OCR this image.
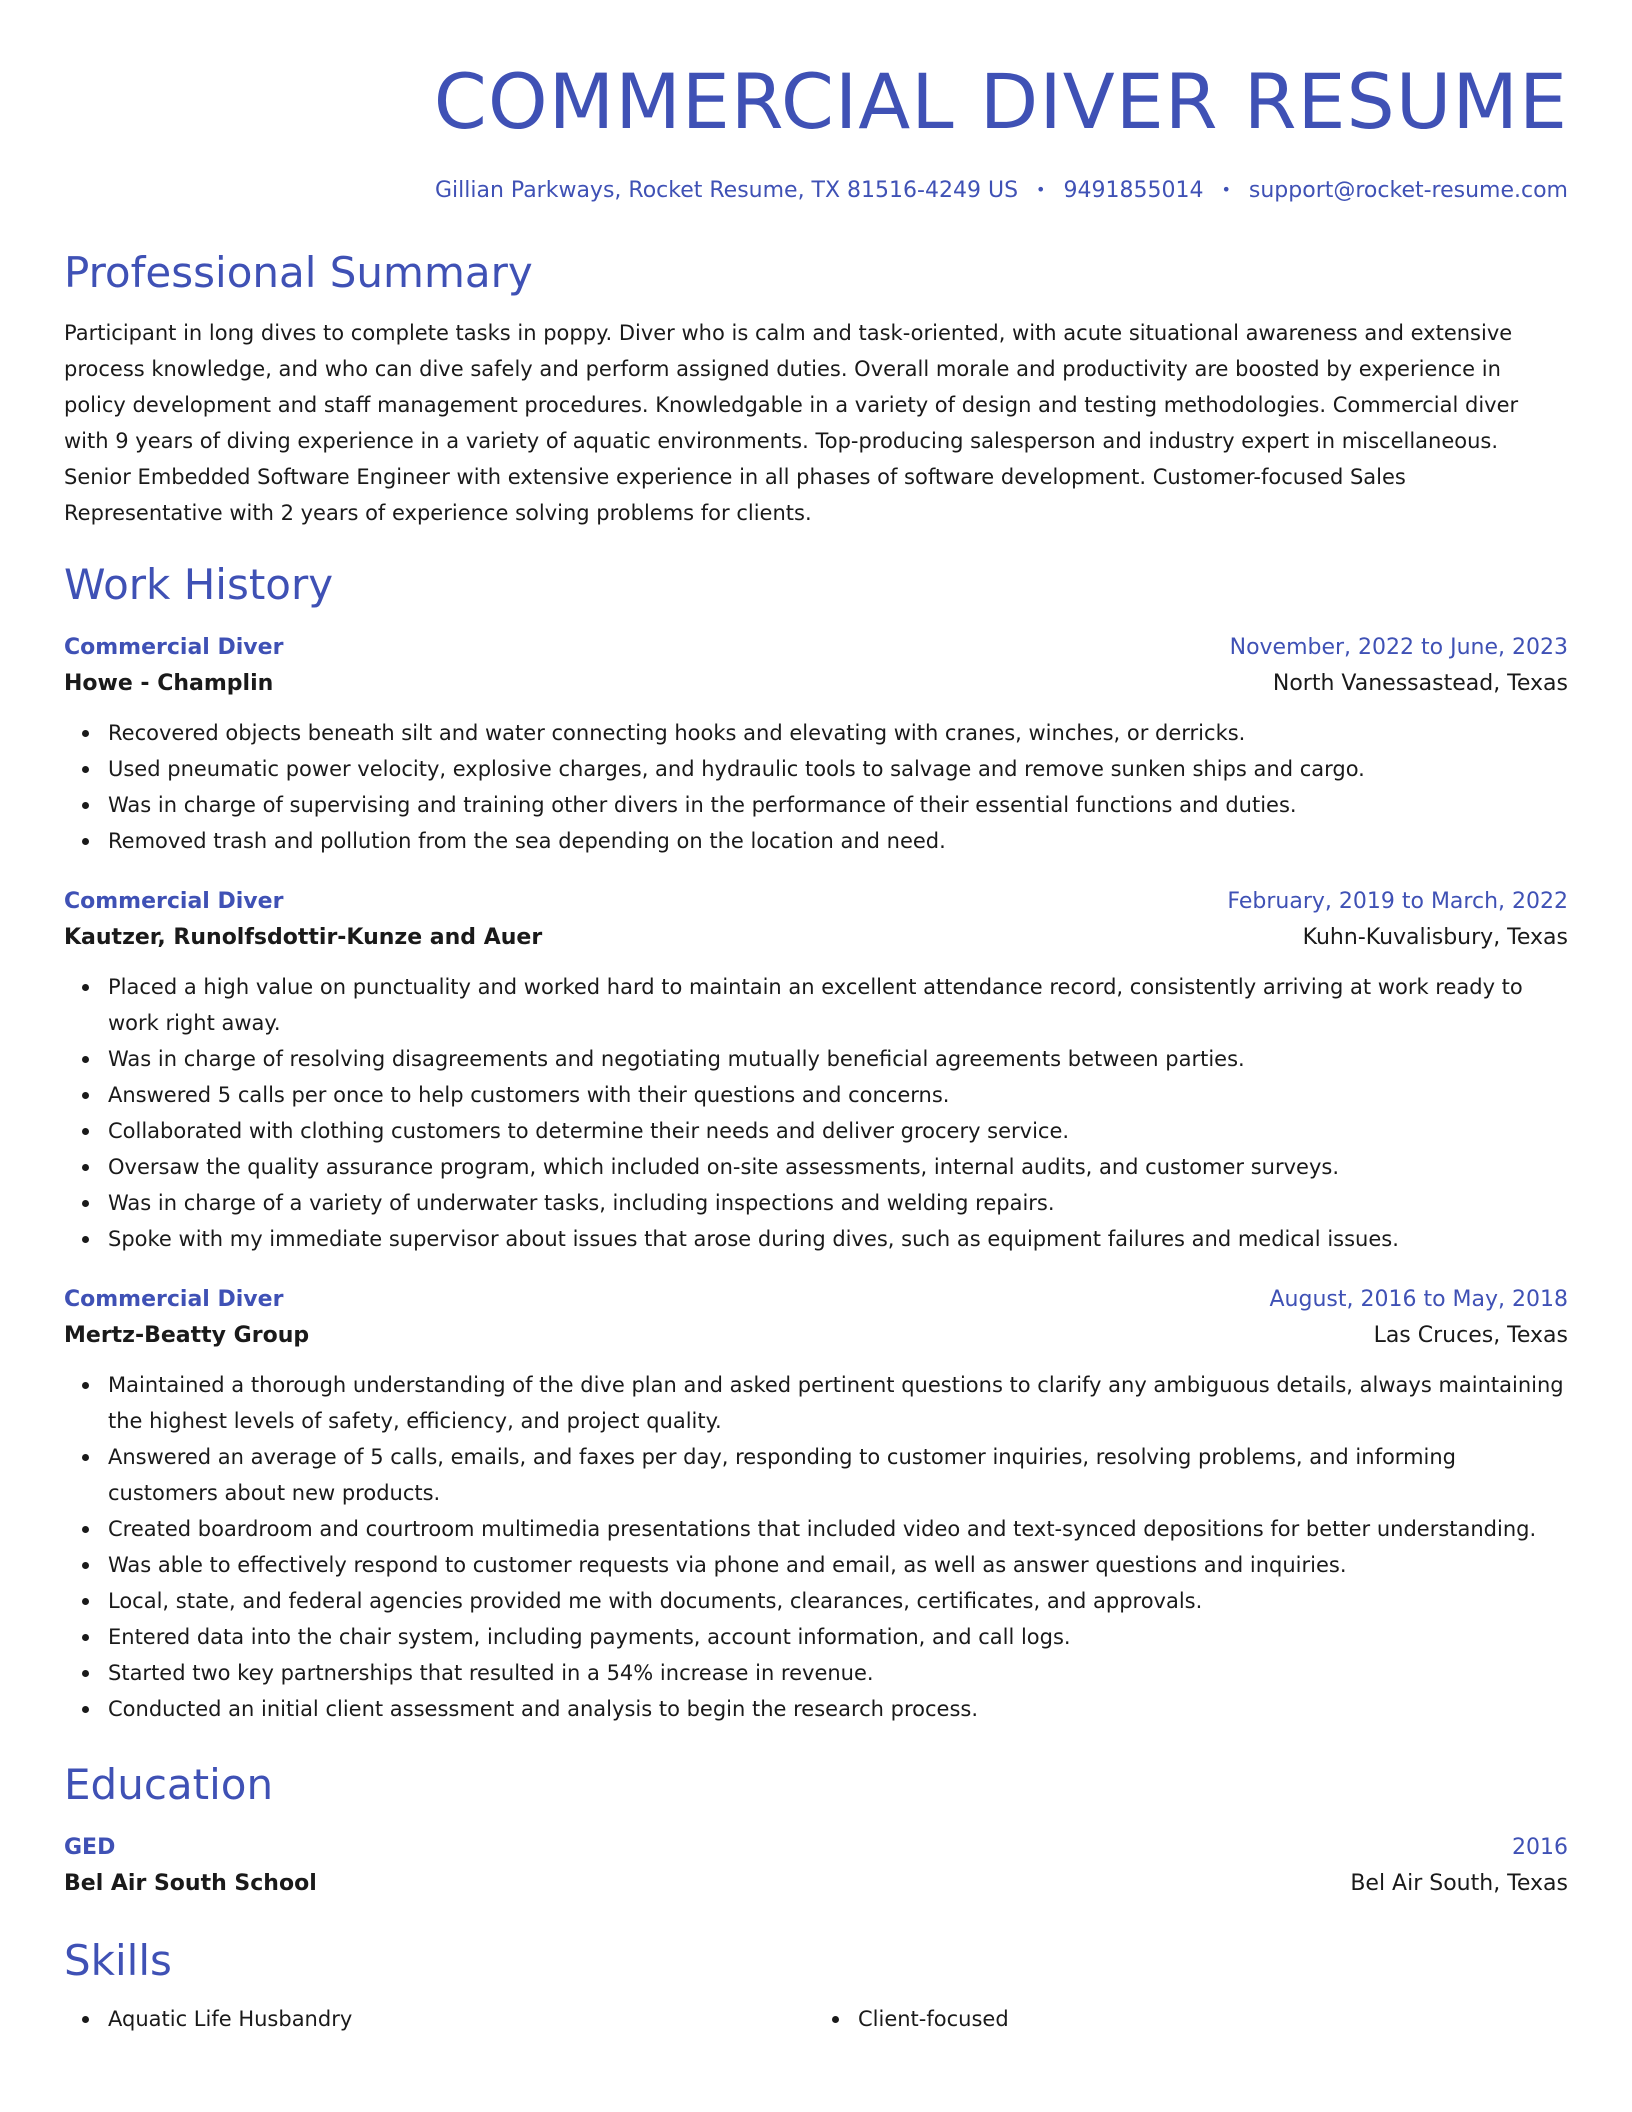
COMMERCIAL DIVER RESUME
Gillian Parkways, Rocket Resume, TX 81516-4249 US • 9491855014 • support@rocket-resume.com
Professional Summary

Participant in long dives to complete tasks in poppy. Diver who is calm and task-oriented, with acute situational awareness and extensive process knowledge, and who can dive safely and perform assigned duties. Overall morale and productivity are boosted by experience in policy development and staff management procedures. Knowledgable in a variety of design and testing methodologies. Commercial diver with 9 years of diving experience in a variety of aquatic environments. Top-producing salesperson and industry expert in miscellaneous. Senior Embedded Software Engineer with extensive experience in all phases of software development. Customer-focused Sales Representative with 2 years of experience solving problems for clients.

Work History
Commercial Diver	November, 2022 to June, 2023
Howe - Champlin	North Vanessastead, Texas
Recovered objects beneath silt and water connecting hooks and elevating with cranes, winches, or derricks.
Used pneumatic power velocity, explosive charges, and hydraulic tools to salvage and remove sunken ships and cargo.
Was in charge of supervising and training other divers in the performance of their essential functions and duties.
Removed trash and pollution from the sea depending on the location and need.
Commercial Diver	February, 2019 to March, 2022
Kautzer, Runolfsdottir-Kunze and Auer	Kuhn-Kuvalisbury, Texas
Placed a high value on punctuality and worked hard to maintain an excellent attendance record, consistently arriving at work ready to work right away.
Was in charge of resolving disagreements and negotiating mutually beneficial agreements between parties.
Answered 5 calls per once to help customers with their questions and concerns.
Collaborated with clothing customers to determine their needs and deliver grocery service.
Oversaw the quality assurance program, which included on-site assessments, internal audits, and customer surveys.
Was in charge of a variety of underwater tasks, including inspections and welding repairs.
Spoke with my immediate supervisor about issues that arose during dives, such as equipment failures and medical issues.
Commercial Diver	August, 2016 to May, 2018
Mertz-Beatty Group	Las Cruces, Texas
Maintained a thorough understanding of the dive plan and asked pertinent questions to clarify any ambiguous details, always maintaining the highest levels of safety, efficiency, and project quality.
Answered an average of 5 calls, emails, and faxes per day, responding to customer inquiries, resolving problems, and informing customers about new products.
Created boardroom and courtroom multimedia presentations that included video and text-synced depositions for better understanding.
Was able to effectively respond to customer requests via phone and email, as well as answer questions and inquiries.
Local, state, and federal agencies provided me with documents, clearances, certificates, and approvals.
Entered data into the chair system, including payments, account information, and call logs.
Started two key partnerships that resulted in a 54% increase in revenue.
Conducted an initial client assessment and analysis to begin the research process.
Education
GED	2016
Bel Air South School	Bel Air South, Texas
Skills
Aquatic Life Husbandry	Client-focused
